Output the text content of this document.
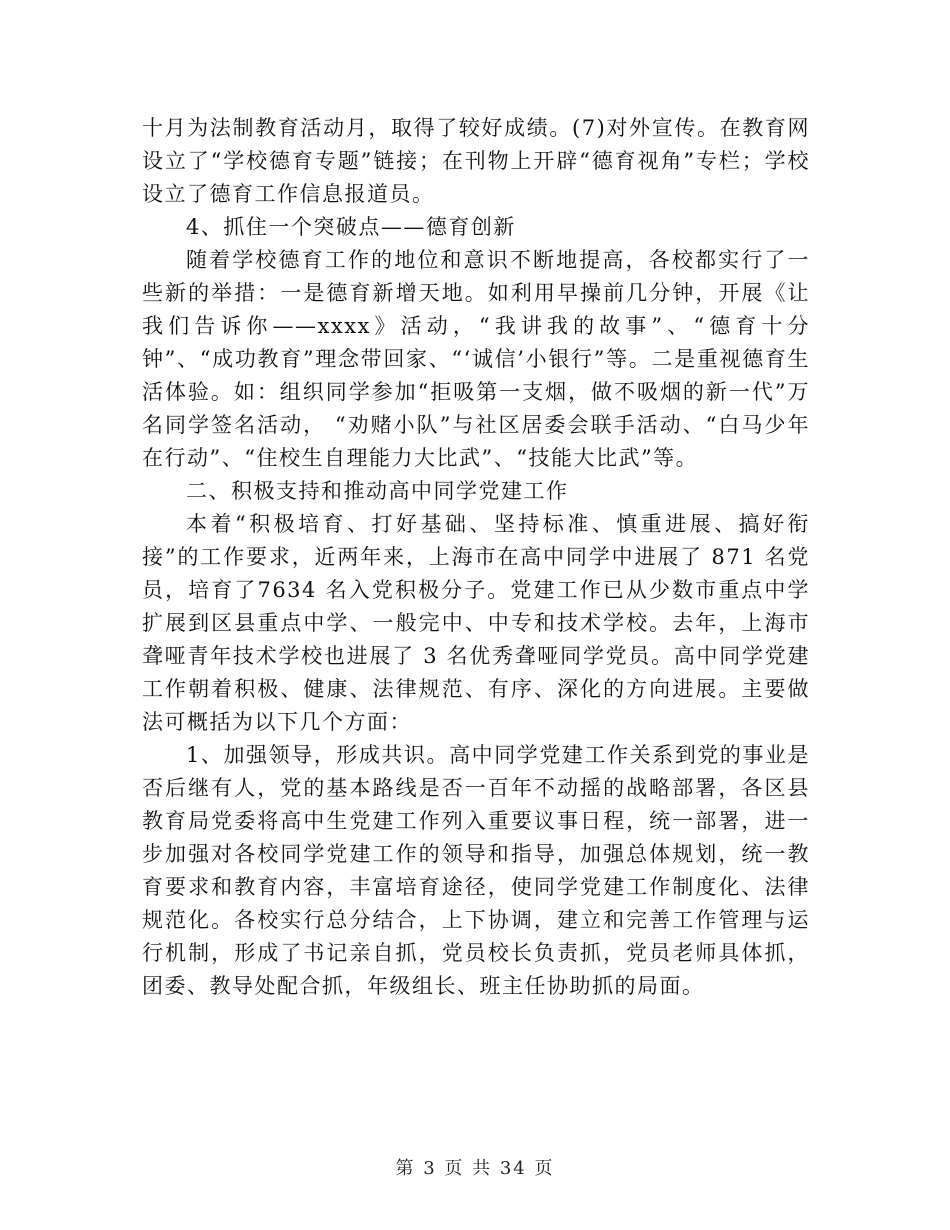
十月为法制教育活动月，取得了较好成绩。(7)对外宣传。在教育网设立了“学校德育专题”链接；在刊物上开辟“德育视角”专栏；学校设立了德育工作信息报道员。

4、抓住一个突破点——德育创新

随着学校德育工作的地位和意识不断地提高，各校都实行了一些新的举措：一是德育新增天地。如利用早操前几分钟，开展《让我们告诉你——xxxx》活动，“我讲我的故事”、“德育十分钟”、“成功教育”理念带回家、“‘诚信’小银行”等。二是重视德育生活体验。如：组织同学参加“拒吸第一支烟，做不吸烟的新一代”万名同学签名活动， “劝赌小队”与社区居委会联手活动、“白马少年在行动”、“住校生自理能力大比武”、“技能大比武”等。

二、积极支持和推动高中同学党建工作

本着“积极培育、打好基础、坚持标准、慎重进展、搞好衔接”的工作要求，近两年来，上海市在高中同学中进展了 871 名党员，培育了7634 名入党积极分子。党建工作已从少数市重点中学扩展到区县重点中学、一般完中、中专和技术学校。去年，上海市聋哑青年技术学校也进展了 3 名优秀聋哑同学党员。高中同学党建工作朝着积极、健康、法律规范、有序、深化的方向进展。主要做法可概括为以下几个方面：

1、加强领导，形成共识。高中同学党建工作关系到党的事业是否后继有人，党的基本路线是否一百年不动摇的战略部署，各区县教育局党委将高中生党建工作列入重要议事日程，统一部署，进一步加强对各校同学党建工作的领导和指导，加强总体规划，统一教育要求和教育内容，丰富培育途径，使同学党建工作制度化、法律规范化。各校实行总分结合，上下协调，建立和完善工作管理与运行机制，形成了书记亲自抓，党员校长负责抓，党员老师具体抓，团委、教导处配合抓，年级组长、班主任协助抓的局面。

第 3 页 共 34 页
